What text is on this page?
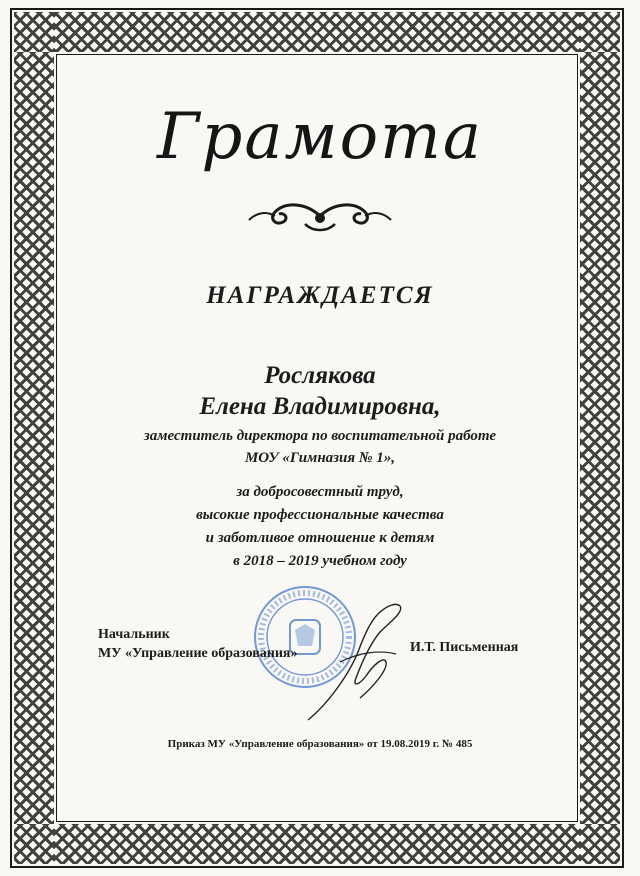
Грамота
НАГРАЖДАЕТСЯ
Рослякова
Елена Владимировна,
заместитель директора по воспитательной работе
МОУ «Гимназия № 1»,
за добросовестный труд,
высокие профессиональные качества
и заботливое отношение к детям
в 2018 – 2019 учебном году
Начальник
МУ «Управление образования»	И.Т. Письменная
Приказ МУ «Управление образования» от 19.08.2019 г. № 485
